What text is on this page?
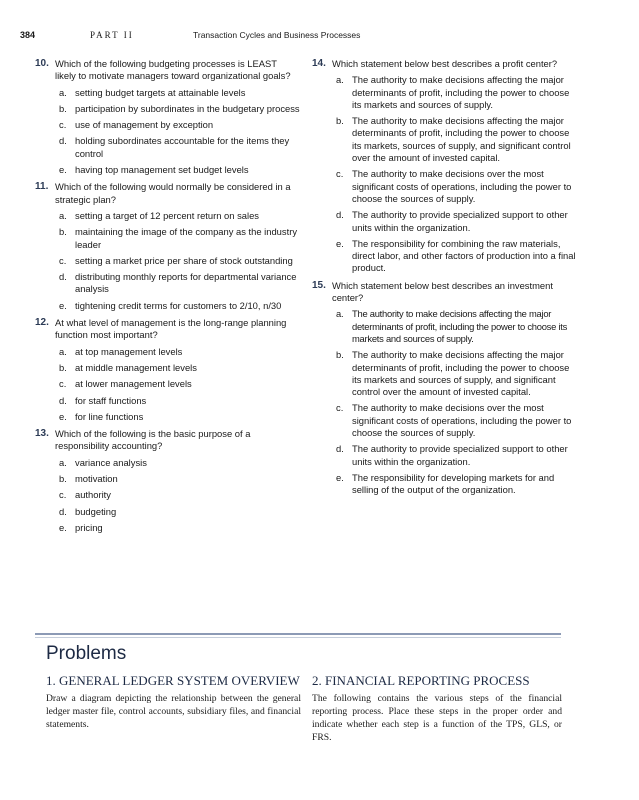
384	PART II	Transaction Cycles and Business Processes
10. Which of the following budgeting processes is LEAST likely to motivate managers toward organizational goals?
a. setting budget targets at attainable levels
b. participation by subordinates in the budgetary process
c. use of management by exception
d. holding subordinates accountable for the items they control
e. having top management set budget levels
11. Which of the following would normally be considered in a strategic plan?
a. setting a target of 12 percent return on sales
b. maintaining the image of the company as the industry leader
c. setting a market price per share of stock outstanding
d. distributing monthly reports for departmental variance analysis
e. tightening credit terms for customers to 2/10, n/30
12. At what level of management is the long-range planning function most important?
a. at top management levels
b. at middle management levels
c. at lower management levels
d. for staff functions
e. for line functions
13. Which of the following is the basic purpose of a responsibility accounting?
a. variance analysis
b. motivation
c. authority
d. budgeting
e. pricing
14. Which statement below best describes a profit center?
a. The authority to make decisions affecting the major determinants of profit, including the power to choose its markets and sources of supply.
b. The authority to make decisions affecting the major determinants of profit, including the power to choose its markets, sources of supply, and significant control over the amount of invested capital.
c. The authority to make decisions over the most significant costs of operations, including the power to choose the sources of supply.
d. The authority to provide specialized support to other units within the organization.
e. The responsibility for combining the raw materials, direct labor, and other factors of production into a final product.
15. Which statement below best describes an investment center?
a. The authority to make decisions affecting the major determinants of profit, including the power to choose its markets and sources of supply.
b. The authority to make decisions affecting the major determinants of profit, including the power to choose its markets and sources of supply, and significant control over the amount of invested capital.
c. The authority to make decisions over the most significant costs of operations, including the power to choose the sources of supply.
d. The authority to provide specialized support to other units within the organization.
e. The responsibility for developing markets for and selling of the output of the organization.
Problems
1. GENERAL LEDGER SYSTEM OVERVIEW
Draw a diagram depicting the relationship between the general ledger master file, control accounts, subsidiary files, and financial statements.
2. FINANCIAL REPORTING PROCESS
The following contains the various steps of the financial reporting process. Place these steps in the proper order and indicate whether each step is a function of the TPS, GLS, or FRS.
